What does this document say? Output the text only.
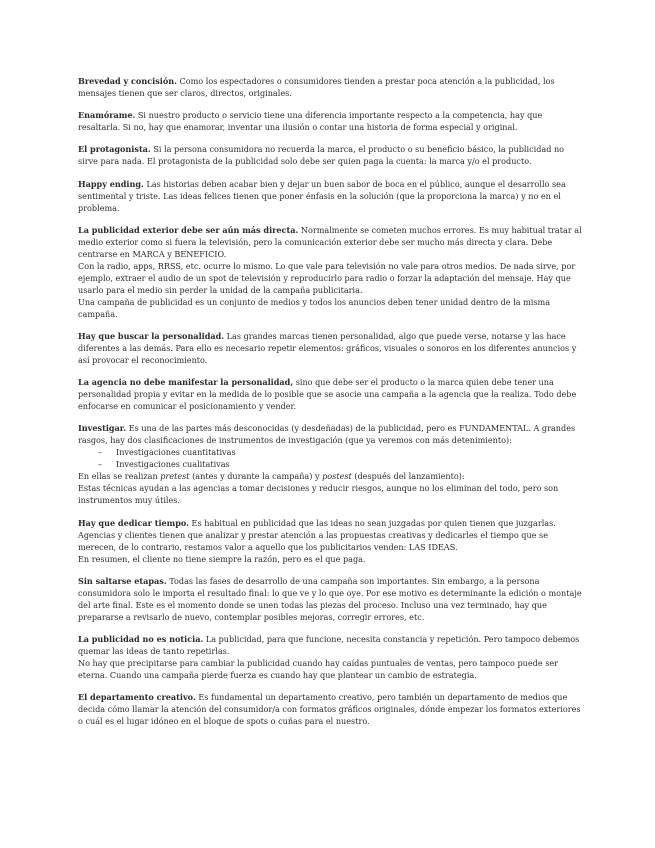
Brevedad y concisión. Como los espectadores o consumidores tienden a prestar poca atención a la publicidad, los mensajes tienen que ser claros, directos, originales.

Enamórame. Si nuestro producto o servicio tiene una diferencia importante respecto a la competencia, hay que resaltarla. Si no, hay que enamorar, inventar una ilusión o contar una historia de forma especial y original.

El protagonista. Si la persona consumidora no recuerda la marca, el producto o su beneficio básico, la publicidad no sirve para nada. El protagonista de la publicidad solo debe ser quien paga la cuenta: la marca y/o el producto.

Happy ending. Las historias deben acabar bien y dejar un buen sabor de boca en el público, aunque el desarrollo sea sentimental y triste. Las ideas felices tienen que poner énfasis en la solución (que la proporciona la marca) y no en el problema.

La publicidad exterior debe ser aún más directa. Normalmente se cometen muchos errores. Es muy habitual tratar al medio exterior como si fuera la televisión, pero la comunicación exterior debe ser mucho más directa y clara. Debe centrarse en MARCA y BENEFICIO.

Con la radio, apps, RRSS, etc. ocurre lo mismo. Lo que vale para televisión no vale para otros medios. De nada sirve, por ejemplo, extraer el audio de un spot de televisión y reproducirlo para radio o forzar la adaptación del mensaje. Hay que usarlo para el medio sin perder la unidad de la campaña publicitaria.

Una campaña de publicidad es un conjunto de medios y todos los anuncios deben tener unidad dentro de la misma campaña.

Hay que buscar la personalidad. Las grandes marcas tienen personalidad, algo que puede verse, notarse y las hace diferentes a las demás. Para ello es necesario repetir elementos: gráficos, visuales o sonoros en los diferentes anuncios y así provocar el reconocimiento.

La agencia no debe manifestar la personalidad, sino que debe ser el producto o la marca quien debe tener una personalidad propia y evitar en la medida de lo posible que se asocie una campaña a la agencia que la realiza. Todo debe enfocarse en comunicar el posicionamiento y vender.

Investigar. Es una de las partes más desconocidas (y desdeñadas) de la publicidad, pero es FUNDAMENTAL. A grandes rasgos, hay dos clasificaciones de instrumentos de investigación (que ya veremos con más detenimiento):

– Investigaciones cuantitativas
– Investigaciones cualitativas

En ellas se realizan pretest (antes y durante la campaña) y postest (después del lanzamiento):

Estas técnicas ayudan a las agencias a tomar decisiones y reducir riesgos, aunque no los eliminan del todo, pero son instrumentos muy útiles.

Hay que dedicar tiempo. Es habitual en publicidad que las ideas no sean juzgadas por quien tienen que juzgarlas. Agencias y clientes tienen que analizar y prestar atención a las propuestas creativas y dedicarles el tiempo que se merecen, de lo contrario, restamos valor a aquello que los publicitarios venden: LAS IDEAS.

En resumen, el cliente no tiene siempre la razón, pero es el que paga.

Sin saltarse etapas. Todas las fases de desarrollo de una campaña son importantes. Sin embargo, a la persona consumidora solo le importa el resultado final: lo que ve y lo que oye. Por ese motivo es determinante la edición o montaje del arte final. Este es el momento donde se unen todas las piezas del proceso. Incluso una vez terminado, hay que prepararse a revisarlo de nuevo, contemplar posibles mejoras, corregir errores, etc.

La publicidad no es noticia. La publicidad, para que funcione, necesita constancia y repetición. Pero tampoco debemos quemar las ideas de tanto repetirlas.

No hay que precipitarse para cambiar la publicidad cuando hay caídas puntuales de ventas, pero tampoco puede ser eterna. Cuando una campaña pierde fuerza es cuando hay que plantear un cambio de estrategia.

El departamento creativo. Es fundamental un departamento creativo, pero también un departamento de medios que decida cómo llamar la atención del consumidor/a con formatos gráficos originales, dónde empezar los formatos exteriores o cuál es el lugar idóneo en el bloque de spots o cuñas para el nuestro.
